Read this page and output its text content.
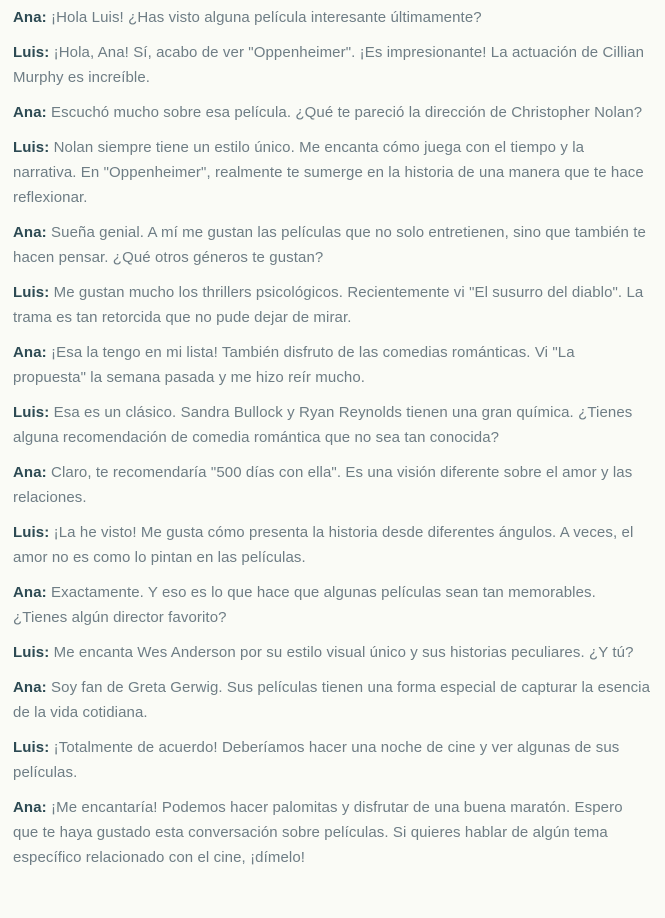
Ana: ¡Hola Luis! ¿Has visto alguna película interesante últimamente?

Luis: ¡Hola, Ana! Sí, acabo de ver "Oppenheimer". ¡Es impresionante! La actuación de Cillian Murphy es increíble.

Ana: Escuchó mucho sobre esa película. ¿Qué te pareció la dirección de Christopher Nolan?

Luis: Nolan siempre tiene un estilo único. Me encanta cómo juega con el tiempo y la narrativa. En "Oppenheimer", realmente te sumerge en la historia de una manera que te hace reflexionar.

Ana: Sueña genial. A mí me gustan las películas que no solo entretienen, sino que también te hacen pensar. ¿Qué otros géneros te gustan?

Luis: Me gustan mucho los thrillers psicológicos. Recientemente vi "El susurro del diablo". La trama es tan retorcida que no pude dejar de mirar.

Ana: ¡Esa la tengo en mi lista! También disfruto de las comedias románticas. Vi "La propuesta" la semana pasada y me hizo reír mucho.

Luis: Esa es un clásico. Sandra Bullock y Ryan Reynolds tienen una gran química. ¿Tienes alguna recomendación de comedia romántica que no sea tan conocida?

Ana: Claro, te recomendaría "500 días con ella". Es una visión diferente sobre el amor y las relaciones.

Luis: ¡La he visto! Me gusta cómo presenta la historia desde diferentes ángulos. A veces, el amor no es como lo pintan en las películas.

Ana: Exactamente. Y eso es lo que hace que algunas películas sean tan memorables. ¿Tienes algún director favorito?

Luis: Me encanta Wes Anderson por su estilo visual único y sus historias peculiares. ¿Y tú?

Ana: Soy fan de Greta Gerwig. Sus películas tienen una forma especial de capturar la esencia de la vida cotidiana.

Luis: ¡Totalmente de acuerdo! Deberíamos hacer una noche de cine y ver algunas de sus películas.

Ana: ¡Me encantaría! Podemos hacer palomitas y disfrutar de una buena maratón. Espero que te haya gustado esta conversación sobre películas. Si quieres hablar de algún tema específico relacionado con el cine, ¡dímelo!
